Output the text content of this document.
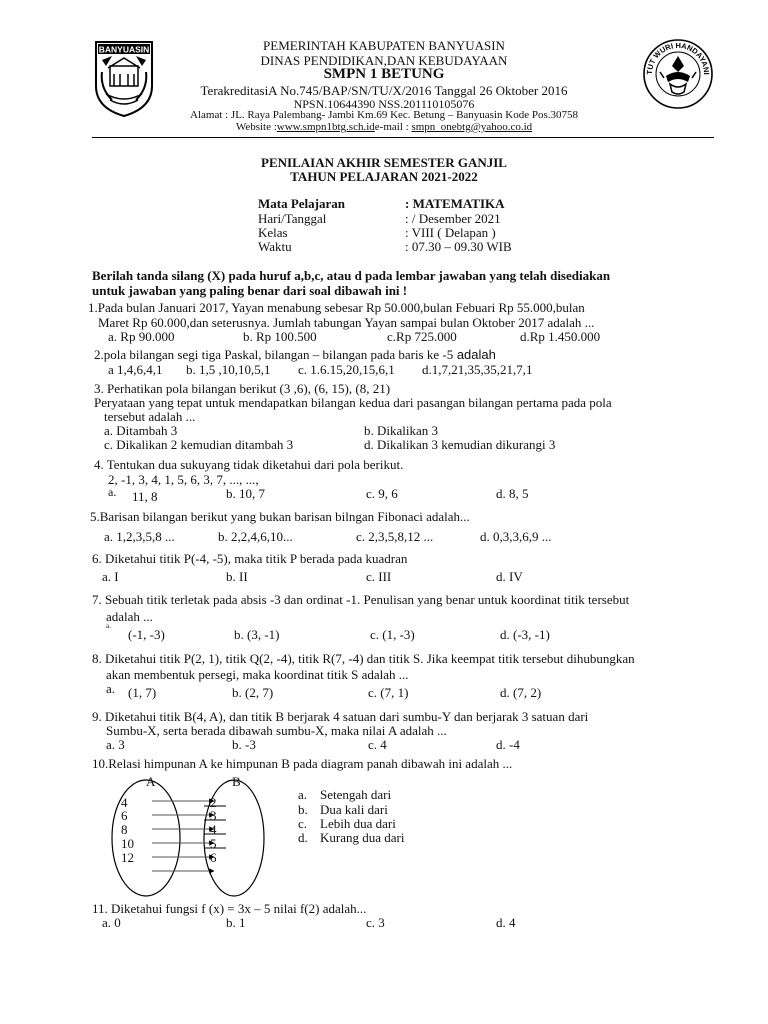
BANYUASIN
TUT WURI HANDAYANI
PEMERINTAH KABUPATEN BANYUASIN
DINAS PENDIDIKAN,DAN KEBUDAYAAN
SMPN 1 BETUNG
TerakreditasiA No.745/BAP/SN/TU/X/2016 Tanggal 26 Oktober 2016
NPSN.10644390 NSS.201110105076
Alamat : JL. Raya Palembang- Jambi Km.69 Kec. Betung – Banyuasin Kode Pos.30758
Website :www.smpn1btg.sch.ide-mail : smpn_onebtg@yahoo.co.id
PENILAIAN AKHIR SEMESTER GANJIL
TAHUN PELAJARAN 2021-2022
Mata Pelajaran	: MATEMATIKA
Hari/Tanggal	: / Desember 2021
Kelas	: VIII ( Delapan )
Waktu	: 07.30 – 09.30 WIB
Berilah tanda silang (X) pada huruf a,b,c, atau d pada lembar jawaban yang telah disediakan
untuk jawaban yang paling benar dari soal dibawah ini !
1.Pada bulan Januari 2017, Yayan menabung sebesar Rp 50.000,bulan Febuari Rp 55.000,bulan
Maret Rp 60.000,dan seterusnya. Jumlah tabungan Yayan sampai bulan Oktober 2017 adalah ...
a. Rp 90.000	b. Rp 100.500	c.Rp 725.000	d.Rp 1.450.000
2.pola bilangan segi tiga Paskal, bilangan – bilangan pada baris ke -5 adalah
a 1,4,6,4,1 b. 1,5 ,10,10,5,1 c. 1.6.15,20,15,6,1 d.1,7,21,35,35,21,7,1
3. Perhatikan pola bilangan berikut (3 ,6), (6, 15), (8, 21)
Peryataan yang tepat untuk mendapatkan bilangan kedua dari pasangan bilangan pertama pada pola
tersebut adalah ...
a. Ditambah 3	b. Dikalikan 3
c. Dikalikan 2 kemudian ditambah 3	d. Dikalikan 3 kemudian dikurangi 3
4. Tentukan dua sukuyang tidak diketahui dari pola berikut.
2, -1, 3, 4, 1, 5, 6, 3, 7, ..., ...,
a. 11, 8	b. 10, 7	c. 9, 6	d. 8, 5
5.Barisan bilangan berikut yang bukan barisan bilngan Fibonaci adalah...
a. 1,2,3,5,8 ...	b. 2,2,4,6,10...	c. 2,3,5,8,12 ...	d. 0,3,3,6,9 ...
6. Diketahui titik P(-4, -5), maka titik P berada pada kuadran
a. I	b. II	c. III	d. IV
7. Sebuah titik terletak pada absis -3 dan ordinat -1. Penulisan yang benar untuk koordinat titik tersebut
adalah ...
a.
(-1, -3)	b. (3, -1)	c. (1, -3)	d. (-3, -1)
8. Diketahui titik P(2, 1), titik Q(2, -4), titik R(7, -4) dan titik S. Jika keempat titik tersebut dihubungkan
akan membentuk persegi, maka koordinat titik S adalah ...
a. (1, 7)	b. (2, 7)	c. (7, 1)	d. (7, 2)
9. Diketahui titik B(4, A), dan titik B berjarak 4 satuan dari sumbu-Y dan berjarak 3 satuan dari
Sumbu-X, serta berada dibawah sumbu-X, maka nilai A adalah ...
a. 3	b. -3	c. 4	d. -4
10.Relasi himpunan A ke himpunan B pada diagram panah dibawah ini adalah ...
A	B
4
6
8
10
12
2
3
4
5
6
a. Setengah dari
b. Dua kali dari
c. Lebih dua dari
d. Kurang dua dari
11. Diketahui fungsi f (x) = 3x – 5 nilai f(2) adalah...
a. 0	b. 1	c. 3	d. 4
